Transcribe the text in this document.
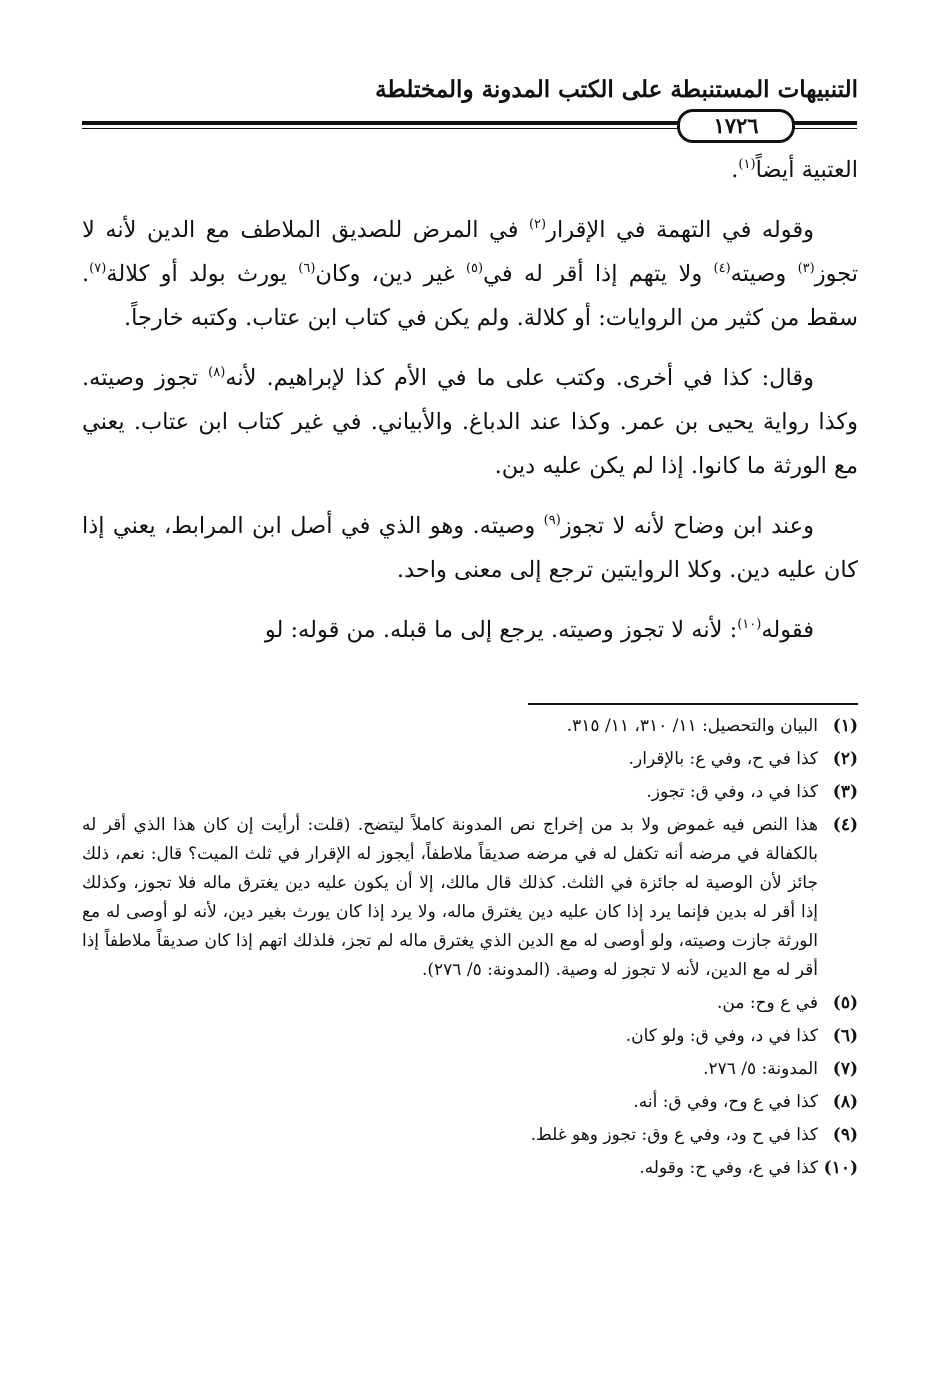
التنبيهات المستنبطة على الكتب المدونة والمختلطة
١٧٢٦

العتبية أيضاً$^{(١)}$.

وقوله في التهمة في الإقرار$^{(٢)}$ في المرض للصديق الملاطف مع الدين لأنه لا تجوز$^{(٣)}$ وصيته$^{(٤)}$ ولا يتهم إذا أقر له في$^{(٥)}$ غير دين، وكان$^{(٦)}$ يورث بولد أو كلالة$^{(٧)}$. سقط من كثير من الروايات: أو كلالة. ولم يكن في كتاب ابن عتاب. وكتبه خارجاً.

وقال: كذا في أخرى. وكتب على ما في الأم كذا لإبراهيم. لأنه$^{(٨)}$ تجوز وصيته. وكذا رواية يحيى بن عمر. وكذا عند الدباغ. والأبياني. في غير كتاب ابن عتاب. يعني مع الورثة ما كانوا. إذا لم يكن عليه دين.

وعند ابن وضاح لأنه لا تجوز$^{(٩)}$ وصيته. وهو الذي في أصل ابن المرابط، يعني إذا كان عليه دين. وكلا الروايتين ترجع إلى معنى واحد.

فقوله$^{(١٠)}$: لأنه لا تجوز وصيته. يرجع إلى ما قبله. من قوله: لو

(١)
البيان والتحصيل: ١١/ ٣١٠، ١١/ ٣١٥.
(٢)
كذا في ح، وفي ع: بالإقرار.
(٣)
كذا في د، وفي ق: تجوز.
(٤)
هذا النص فيه غموض ولا بد من إخراج نص المدونة كاملاً ليتضح. (قلت: أرأيت إن كان هذا الذي أقر له بالكفالة في مرضه أنه تكفل له في مرضه صديقاً ملاطفاً، أيجوز له الإقرار في ثلث الميت؟ قال: نعم، ذلك جائز لأن الوصية له جائزة في الثلث. كذلك قال مالك، إلا أن يكون عليه دين يغترق ماله فلا تجوز، وكذلك إذا أقر له بدين فإنما يرد إذا كان عليه دين يغترق ماله، ولا يرد إذا كان يورث بغير دين، لأنه لو أوصى له مع الورثة جازت وصيته، ولو أوصى له مع الدين الذي يغترق ماله لم تجز، فلذلك اتهم إذا كان صديقاً ملاطفاً إذا أقر له مع الدين، لأنه لا تجوز له وصية. (المدونة: ٥/ ٢٧٦).
(٥)
في ع وح: من.
(٦)
كذا في د، وفي ق: ولو كان.
(٧)
المدونة: ٥/ ٢٧٦.
(٨)
كذا في ع وح، وفي ق: أنه.
(٩)
كذا في ح ود، وفي ع وق: تجوز وهو غلط.
(١٠)
كذا في ع، وفي ح: وقوله.
